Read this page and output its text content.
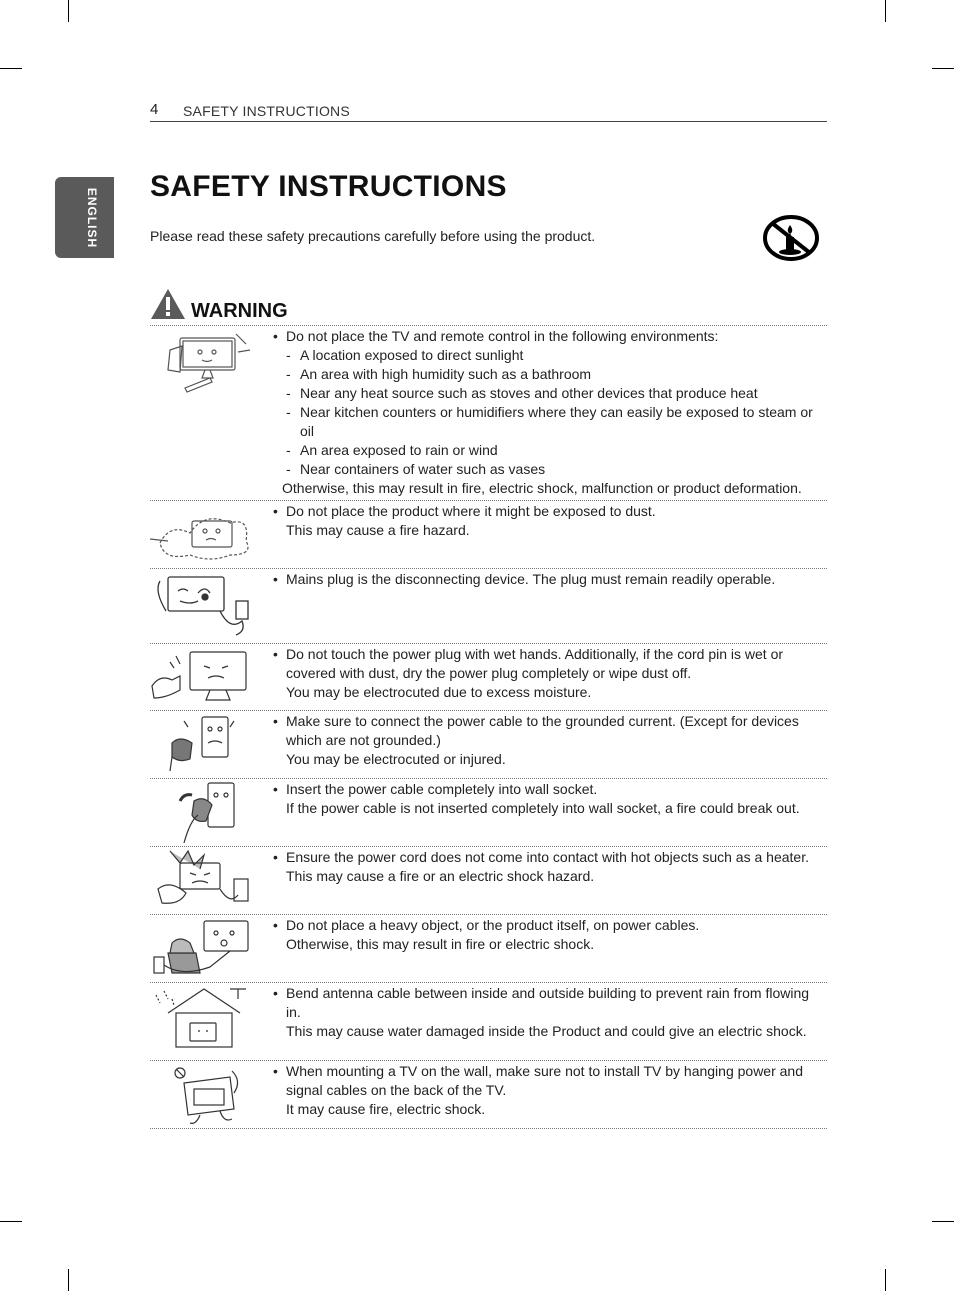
4 SAFETY INSTRUCTIONS
ENGLISH
SAFETY INSTRUCTIONS

Please read these safety precautions carefully before using the product.

WARNING
• Do not place the TV and remote control in the following environments:
- A location exposed to direct sunlight
- An area with high humidity such as a bathroom
- Near any heat source such as stoves and other devices that produce heat
- Near kitchen counters or humidifiers where they can easily be exposed to steam or oil
- An area exposed to rain or wind
- Near containers of water such as vases
Otherwise, this may result in fire, electric shock, malfunction or product deformation.
• Do not place the product where it might be exposed to dust.
This may cause a fire hazard.
• Mains plug is the disconnecting device. The plug must remain readily operable.
• Do not touch the power plug with wet hands. Additionally, if the cord pin is wet or covered with dust, dry the power plug completely or wipe dust off.
You may be electrocuted due to excess moisture.
• Make sure to connect the power cable to the grounded current. (Except for devices which are not grounded.)
You may be electrocuted or injured.
• Insert the power cable completely into wall socket.
If the power cable is not inserted completely into wall socket, a fire could break out.
• Ensure the power cord does not come into contact with hot objects such as a heater.
This may cause a fire or an electric shock hazard.
• Do not place a heavy object, or the product itself, on power cables.
Otherwise, this may result in fire or electric shock.
• Bend antenna cable between inside and outside building to prevent rain from flowing in.
This may cause water damaged inside the Product and could give an electric shock.
• When mounting a TV on the wall, make sure not to install TV by hanging power and signal cables on the back of the TV.
It may cause fire, electric shock.
